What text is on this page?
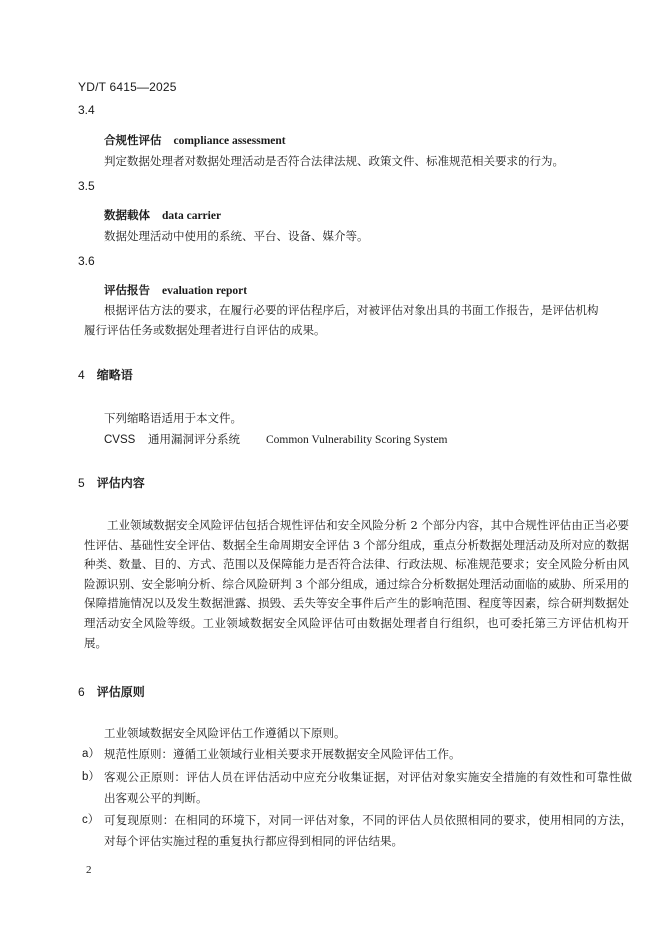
YD/T 6415—2025
3.4
合规性评估 compliance assessment
判定数据处理者对数据处理活动是否符合法律法规、政策文件、标准规范相关要求的行为。
3.5
数据载体 data carrier
数据处理活动中使用的系统、平台、设备、媒介等。
3.6
评估报告 evaluation report
根据评估方法的要求，在履行必要的评估程序后，对被评估对象出具的书面工作报告，是评估机构
履行评估任务或数据处理者进行自评估的成果。
4 缩略语
下列缩略语适用于本文件。
CVSS 通用漏洞评分系统 Common Vulnerability Scoring System
5 评估内容
工业领域数据安全风险评估包括合规性评估和安全风险分析 2 个部分内容，其中合规性评估由正当必要性评估、基础性安全评估、数据全生命周期安全评估 3 个部分组成，重点分析数据处理活动及所对应的数据种类、数量、目的、方式、范围以及保障能力是否符合法律、行政法规、标准规范要求；安全风险分析由风险源识别、安全影响分析、综合风险研判 3 个部分组成，通过综合分析数据处理活动面临的威胁、所采用的保障措施情况以及发生数据泄露、损毁、丢失等安全事件后产生的影响范围、程度等因素，综合研判数据处理活动安全风险等级。工业领域数据安全风险评估可由数据处理者自行组织，也可委托第三方评估机构开展。
6 评估原则
工业领域数据安全风险评估工作遵循以下原则。
a） 规范性原则：遵循工业领域行业相关要求开展数据安全风险评估工作。
b） 客观公正原则：评估人员在评估活动中应充分收集证据，对评估对象实施安全措施的有效性和可靠性做出客观公平的判断。
c） 可复现原则：在相同的环境下，对同一评估对象，不同的评估人员依照相同的要求，使用相同的方法，对每个评估实施过程的重复执行都应得到相同的评估结果。
2
